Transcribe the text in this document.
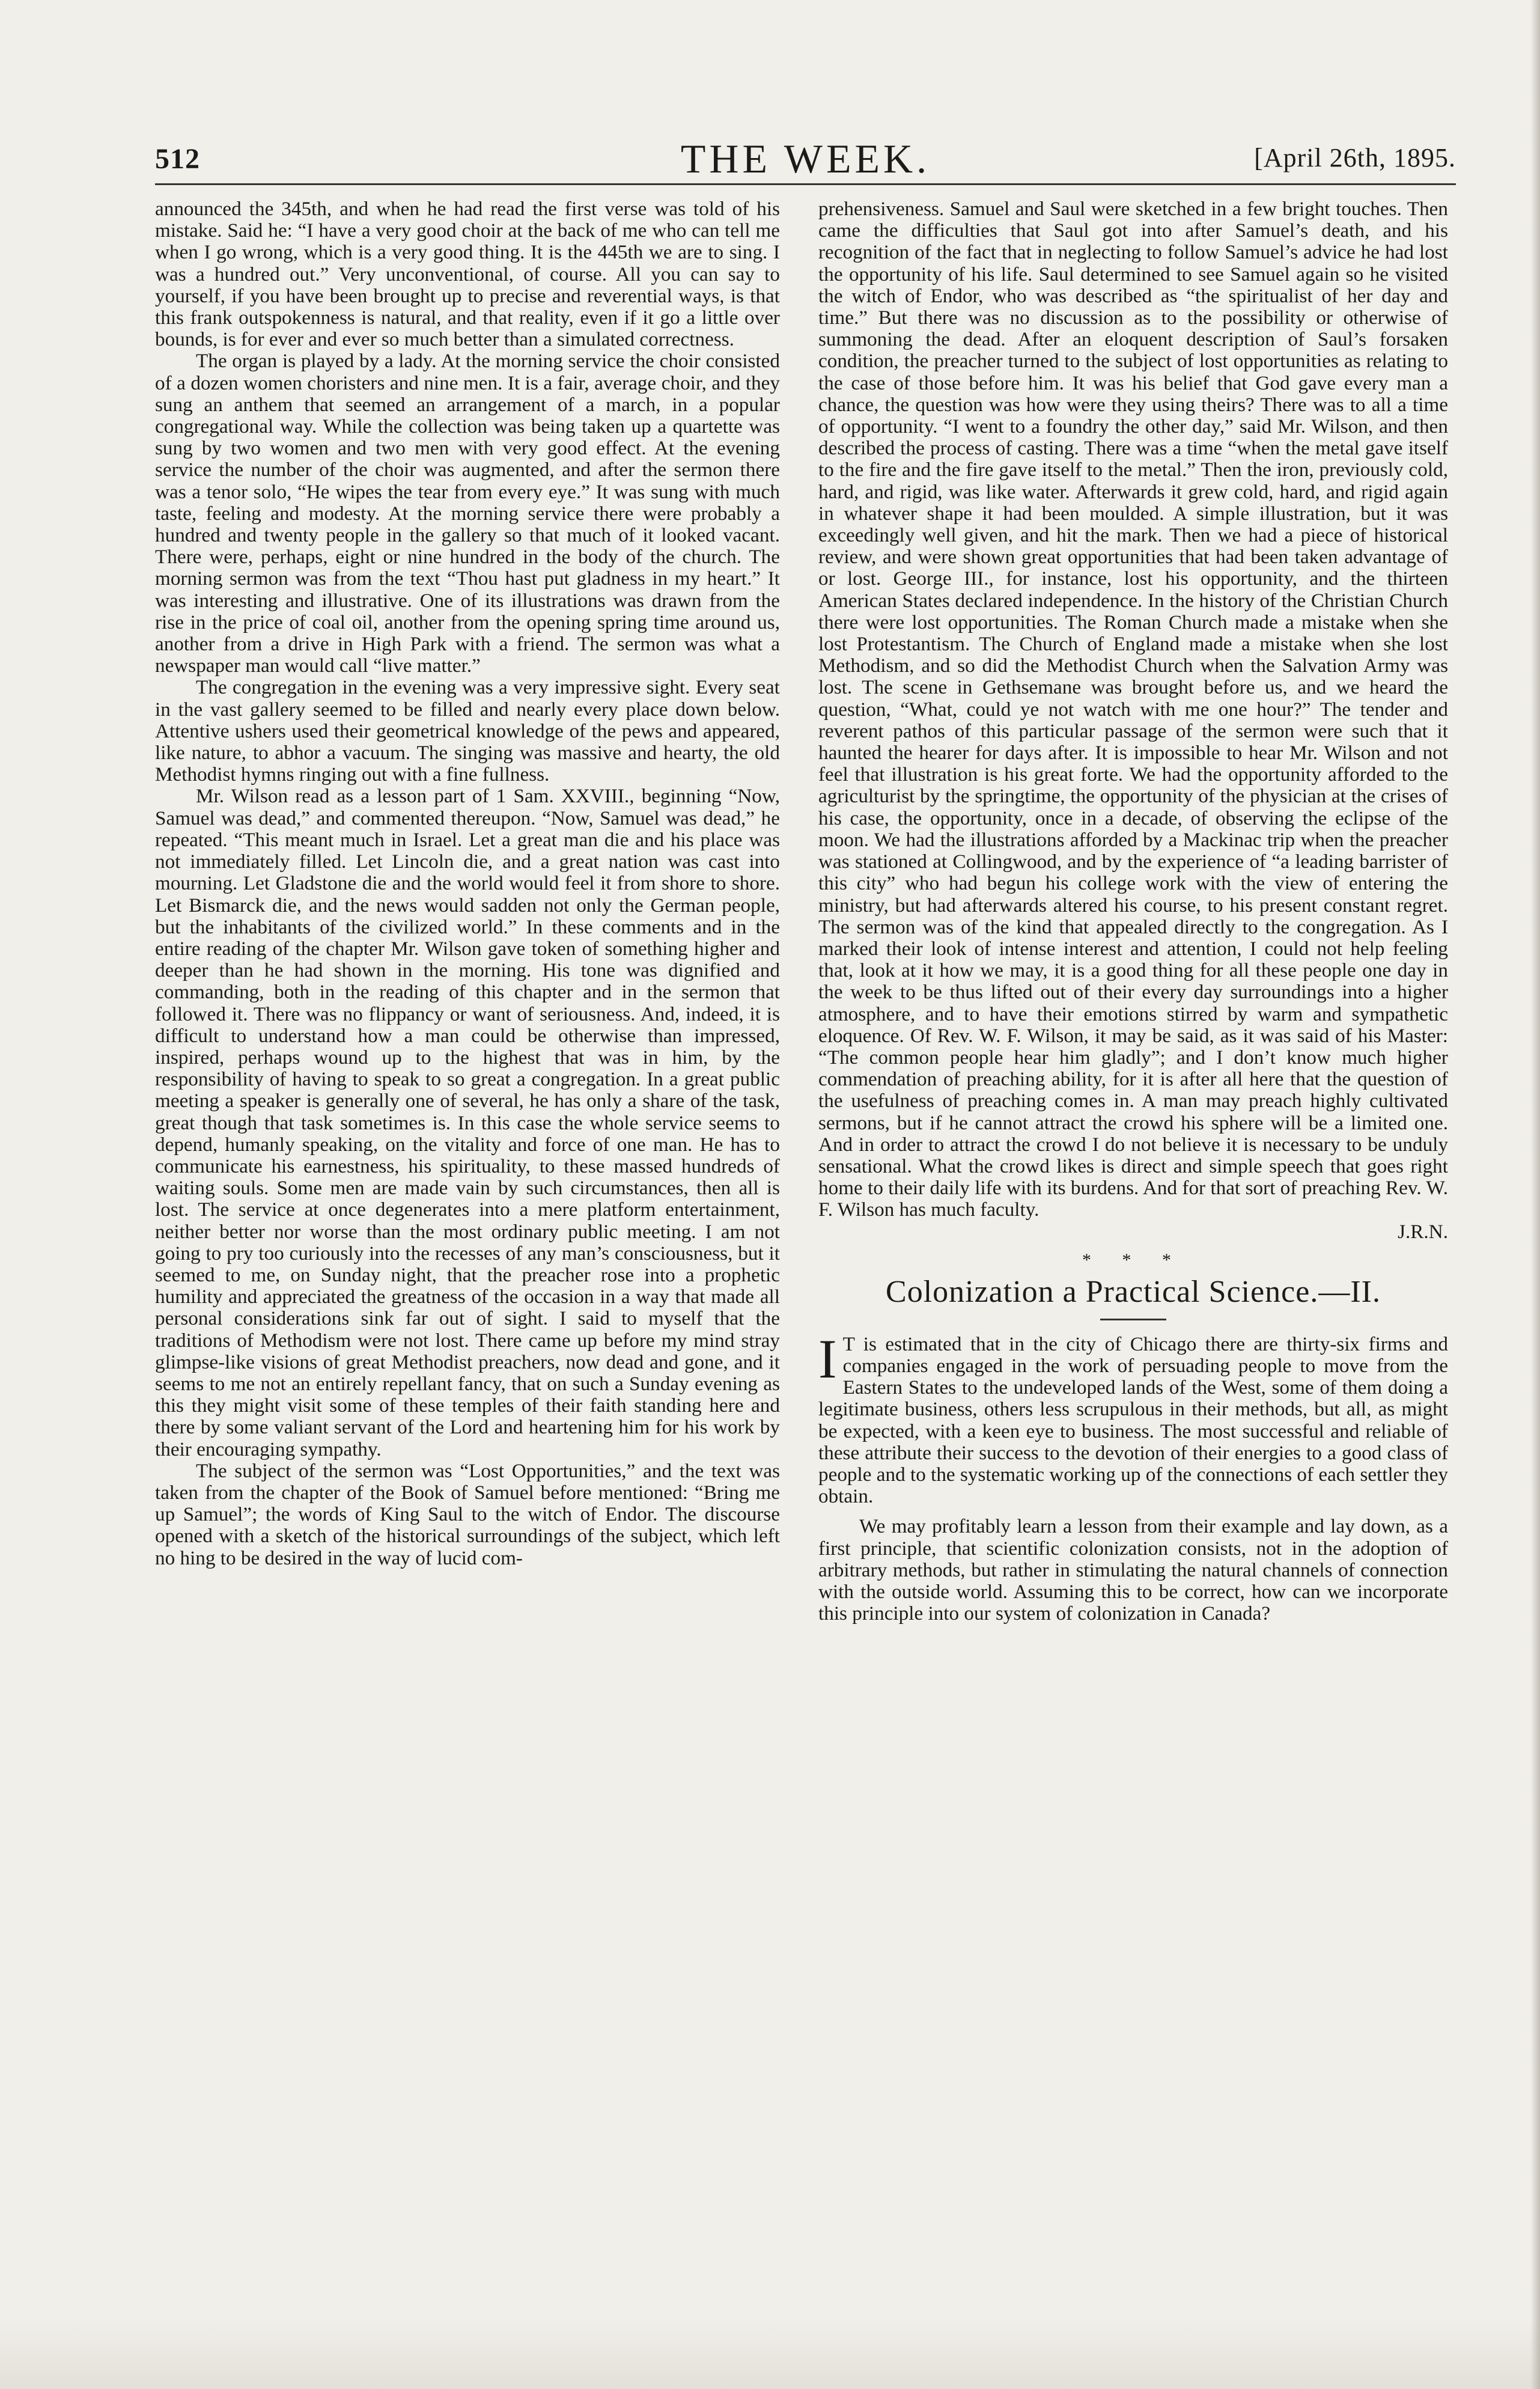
512	THE WEEK.	[April 26th, 1895.

announced the 345th, and when he had read the first verse was told of his mistake. Said he: “I have a very good choir at the back of me who can tell me when I go wrong, which is a very good thing. It is the 445th we are to sing. I was a hundred out.” Very unconventional, of course. All you can say to yourself, if you have been brought up to precise and reverential ways, is that this frank outspokenness is natural, and that reality, even if it go a little over bounds, is for ever and ever so much better than a simulated correctness.

The organ is played by a lady. At the morning service the choir consisted of a dozen women choristers and nine men. It is a fair, average choir, and they sung an anthem that seemed an arrangement of a march, in a popular congregational way. While the collection was being taken up a quartette was sung by two women and two men with very good effect. At the evening service the number of the choir was augmented, and after the sermon there was a tenor solo, “He wipes the tear from every eye.” It was sung with much taste, feeling and modesty. At the morning service there were probably a hundred and twenty people in the gallery so that much of it looked vacant. There were, perhaps, eight or nine hundred in the body of the church. The morning sermon was from the text “Thou hast put gladness in my heart.” It was interesting and illustrative. One of its illustrations was drawn from the rise in the price of coal oil, another from the opening spring time around us, another from a drive in High Park with a friend. The sermon was what a newspaper man would call “live matter.”

The congregation in the evening was a very impressive sight. Every seat in the vast gallery seemed to be filled and nearly every place down below. Attentive ushers used their geometrical knowledge of the pews and appeared, like nature, to abhor a vacuum. The singing was massive and hearty, the old Methodist hymns ringing out with a fine fullness.

Mr. Wilson read as a lesson part of 1 Sam. XXVIII., beginning “Now, Samuel was dead,” and commented thereupon. “Now, Samuel was dead,” he repeated. “This meant much in Israel. Let a great man die and his place was not immediately filled. Let Lincoln die, and a great nation was cast into mourning. Let Gladstone die and the world would feel it from shore to shore. Let Bismarck die, and the news would sadden not only the German people, but the inhabitants of the civilized world.” In these comments and in the entire reading of the chapter Mr. Wilson gave token of something higher and deeper than he had shown in the morning. His tone was dignified and commanding, both in the reading of this chapter and in the sermon that followed it. There was no flippancy or want of seriousness. And, indeed, it is difficult to understand how a man could be otherwise than impressed, inspired, perhaps wound up to the highest that was in him, by the responsibility of having to speak to so great a congregation. In a great public meeting a speaker is generally one of several, he has only a share of the task, great though that task sometimes is. In this case the whole service seems to depend, humanly speaking, on the vitality and force of one man. He has to communicate his earnestness, his spirituality, to these massed hundreds of waiting souls. Some men are made vain by such circumstances, then all is lost. The service at once degenerates into a mere platform entertainment, neither better nor worse than the most ordinary public meeting. I am not going to pry too curiously into the recesses of any man’s consciousness, but it seemed to me, on Sunday night, that the preacher rose into a prophetic humility and appreciated the greatness of the occasion in a way that made all personal considerations sink far out of sight. I said to myself that the traditions of Methodism were not lost. There came up before my mind stray glimpse-like visions of great Methodist preachers, now dead and gone, and it seems to me not an entirely repellant fancy, that on such a Sunday evening as this they might visit some of these temples of their faith standing here and there by some valiant servant of the Lord and heartening him for his work by their encouraging sympathy.

The subject of the sermon was “Lost Opportunities,” and the text was taken from the chapter of the Book of Samuel before mentioned: “Bring me up Samuel”; the words of King Saul to the witch of Endor. The discourse opened with a sketch of the historical surroundings of the subject, which left no hing to be desired in the way of lucid com-

prehensiveness. Samuel and Saul were sketched in a few bright touches. Then came the difficulties that Saul got into after Samuel’s death, and his recognition of the fact that in neglecting to follow Samuel’s advice he had lost the opportunity of his life. Saul determined to see Samuel again so he visited the witch of Endor, who was described as “the spiritualist of her day and time.” But there was no discussion as to the possibility or otherwise of summoning the dead. After an eloquent description of Saul’s forsaken condition, the preacher turned to the subject of lost opportunities as relating to the case of those before him. It was his belief that God gave every man a chance, the question was how were they using theirs? There was to all a time of opportunity. “I went to a foundry the other day,” said Mr. Wilson, and then described the process of casting. There was a time “when the metal gave itself to the fire and the fire gave itself to the metal.” Then the iron, previously cold, hard, and rigid, was like water. Afterwards it grew cold, hard, and rigid again in whatever shape it had been moulded. A simple illustration, but it was exceedingly well given, and hit the mark. Then we had a piece of historical review, and were shown great opportunities that had been taken advantage of or lost. George III., for instance, lost his opportunity, and the thirteen American States declared independence. In the history of the Christian Church there were lost opportunities. The Roman Church made a mistake when she lost Protestantism. The Church of England made a mistake when she lost Methodism, and so did the Methodist Church when the Salvation Army was lost. The scene in Gethsemane was brought before us, and we heard the question, “What, could ye not watch with me one hour?” The tender and reverent pathos of this particular passage of the sermon were such that it haunted the hearer for days after. It is impossible to hear Mr. Wilson and not feel that illustration is his great forte. We had the opportunity afforded to the agriculturist by the springtime, the opportunity of the physician at the crises of his case, the opportunity, once in a decade, of observing the eclipse of the moon. We had the illustrations afforded by a Mackinac trip when the preacher was stationed at Collingwood, and by the experience of “a leading barrister of this city” who had begun his college work with the view of entering the ministry, but had afterwards altered his course, to his present constant regret. The sermon was of the kind that appealed directly to the congregation. As I marked their look of intense interest and attention, I could not help feeling that, look at it how we may, it is a good thing for all these people one day in the week to be thus lifted out of their every day surroundings into a higher atmosphere, and to have their emotions stirred by warm and sympathetic eloquence. Of Rev. W. F. Wilson, it may be said, as it was said of his Master: “The common people hear him gladly”; and I don’t know much higher commendation of preaching ability, for it is after all here that the question of the usefulness of preaching comes in. A man may preach highly cultivated sermons, but if he cannot attract the crowd his sphere will be a limited one. And in order to attract the crowd I do not believe it is necessary to be unduly sensational. What the crowd likes is direct and simple speech that goes right home to their daily life with its burdens. And for that sort of preaching Rev. W. F. Wilson has much faculty.

J.R.N.

* * *
Colonization a Practical Science.—II.

I T is estimated that in the city of Chicago there are thirty-six firms and companies engaged in the work of persuading people to move from the Eastern States to the undeveloped lands of the West, some of them doing a legitimate business, others less scrupulous in their methods, but all, as might be expected, with a keen eye to business. The most successful and reliable of these attribute their success to the devotion of their energies to a good class of people and to the systematic working up of the connections of each settler they obtain.

We may profitably learn a lesson from their example and lay down, as a first principle, that scientific colonization consists, not in the adoption of arbitrary methods, but rather in stimulating the natural channels of connection with the outside world. Assuming this to be correct, how can we incorporate this principle into our system of colonization in Canada?
